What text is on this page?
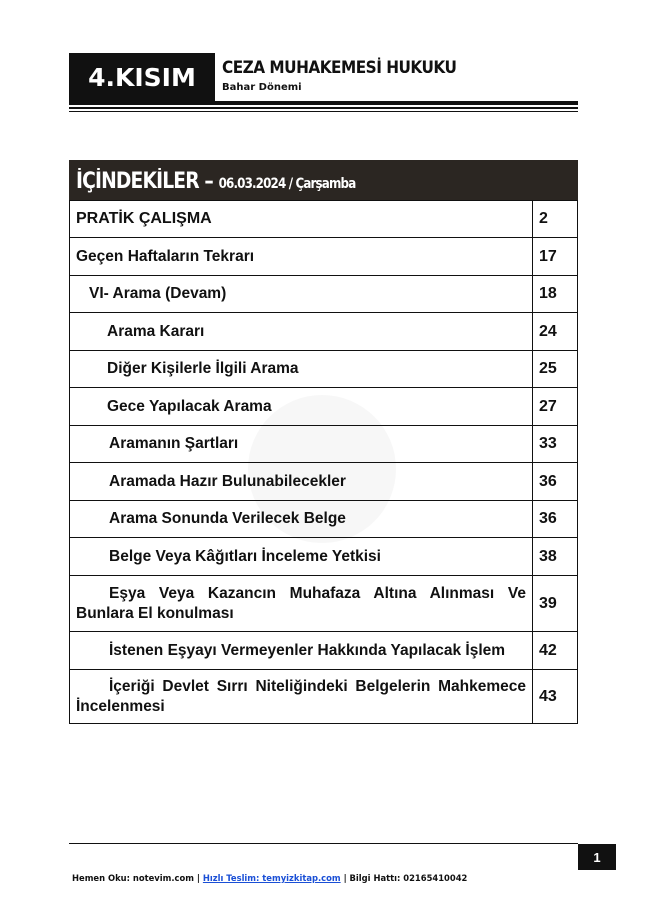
4.KISIM	CEZA MUHAKEMESİ HUKUKU
Bahar Dönemi
İÇİNDEKİLER – 06.03.2024 / Çarşamba
PRATİK ÇALIŞMA	2
Geçen Haftaların Tekrarı	17
VI- Arama (Devam)	18
Arama Kararı	24
Diğer Kişilerle İlgili Arama	25
Gece Yapılacak Arama	27
Aramanın Şartları	33
Aramada Hazır Bulunabilecekler	36
Arama Sonunda Verilecek Belge	36
Belge Veya Kâğıtları İnceleme Yetkisi	38
Eşya Veya Kazancın Muhafaza Altına Alınması Ve Bunlara El konulması	39
İstenen Eşyayı Vermeyenler Hakkında Yapılacak İşlem	42
İçeriği Devlet Sırrı Niteliğindeki Belgelerin Mahkemece İncelenmesi	43
1
Hemen Oku: notevim.com | Hızlı Teslim: temyizkitap.com | Bilgi Hattı: 02165410042
